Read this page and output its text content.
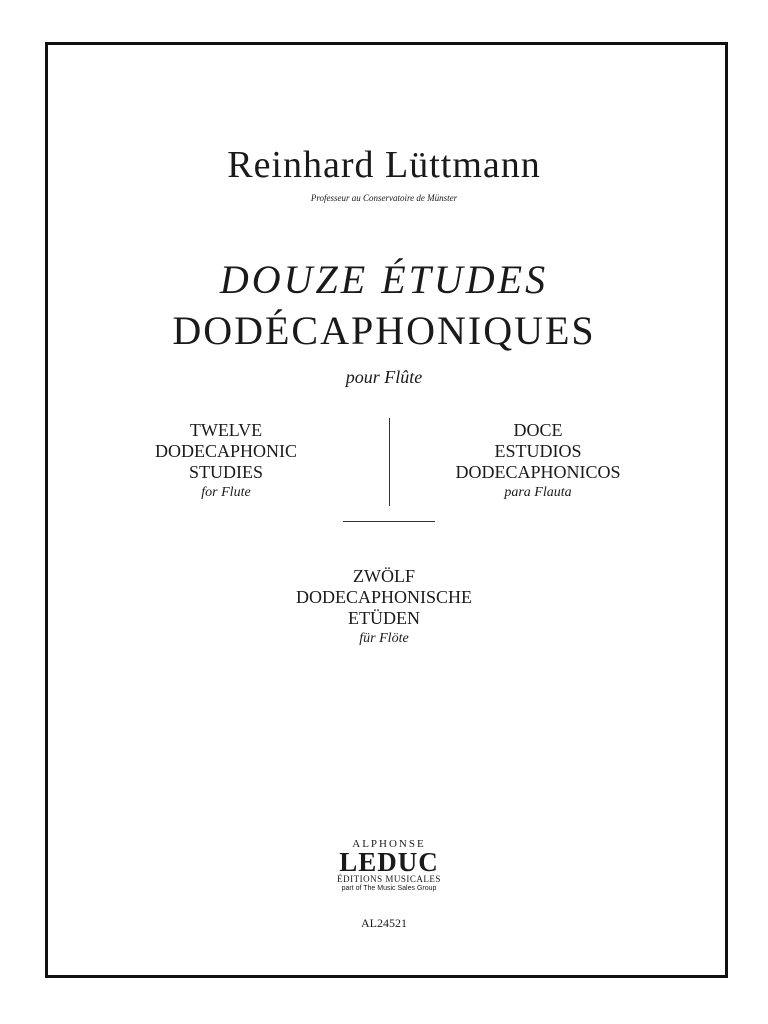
Reinhard Lüttmann
Professeur au Conservatoire de Münster
DOUZE ÉTUDES
DODÉCAPHONIQUES
pour Flûte
TWELVE
DODECAPHONIC
STUDIES
for Flute
DOCE
ESTUDIOS
DODECAPHONICOS
para Flauta
ZWÖLF
DODECAPHONISCHE
ETÜDEN
für Flöte
ALPHONSE
LEDUC
ÉDITIONS MUSICALES
part of The Music Sales Group
AL24521
